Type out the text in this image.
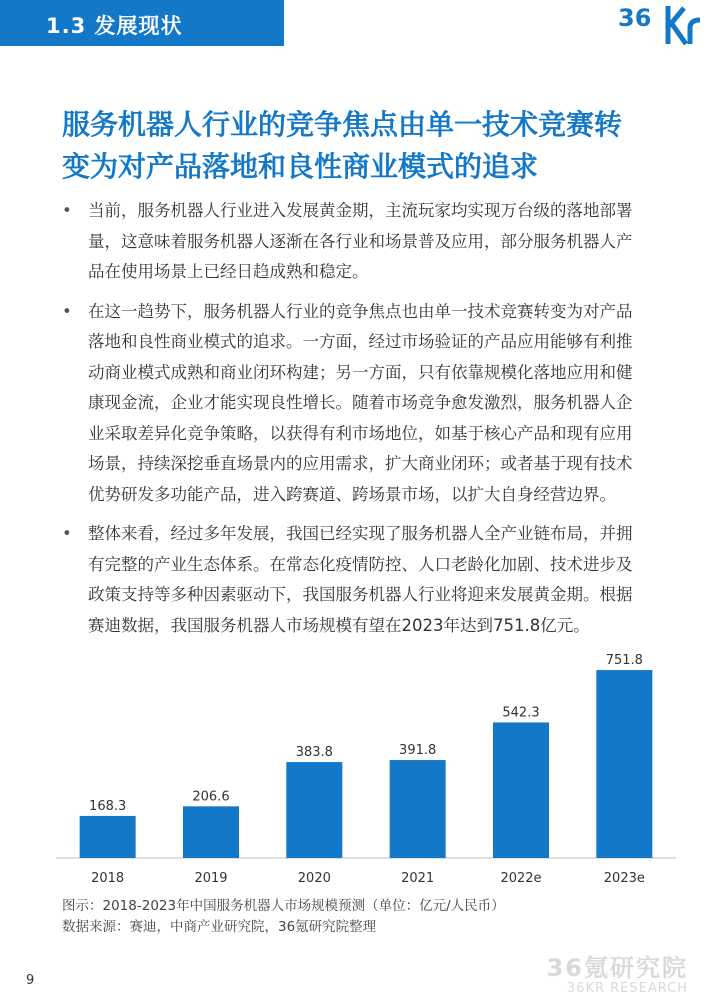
1.3 发展现状	36
服务机器人行业的竞争焦点由单一技术竞赛转
变为对产品落地和良性商业模式的追求
• 当前，服务机器人行业进入发展黄金期，主流玩家均实现万台级的落地部署
量，这意味着服务机器人逐渐在各行业和场景普及应用，部分服务机器人产
品在使用场景上已经日趋成熟和稳定。
• 在这一趋势下，服务机器人行业的竞争焦点也由单一技术竞赛转变为对产品
落地和良性商业模式的追求。一方面，经过市场验证的产品应用能够有利推
动商业模式成熟和商业闭环构建；另一方面，只有依靠规模化落地应用和健
康现金流，企业才能实现良性增长。随着市场竞争愈发激烈，服务机器人企
业采取差异化竞争策略，以获得有利市场地位，如基于核心产品和现有应用
场景，持续深挖垂直场景内的应用需求，扩大商业闭环；或者基于现有技术
优势研发多功能产品，进入跨赛道、跨场景市场，以扩大自身经营边界。
• 整体来看，经过多年发展，我国已经实现了服务机器人全产业链布局，并拥
有完整的产业生态体系。在常态化疫情防控、人口老龄化加剧、技术进步及
政策支持等多种因素驱动下，我国服务机器人行业将迎来发展黄金期。根据
赛迪数据，我国服务机器人市场规模有望在2023年达到751.8亿元。
168.3
2018
206.6
2019
383.8
2020
391.8
2021
542.3
2022e
751.8
2023e
图示：2018-2023年中国服务机器人市场规模预测（单位：亿元/人民币）
数据来源：赛迪，中商产业研究院，36氪研究院整理
36氪研究院
36KR RESEARCH
9
